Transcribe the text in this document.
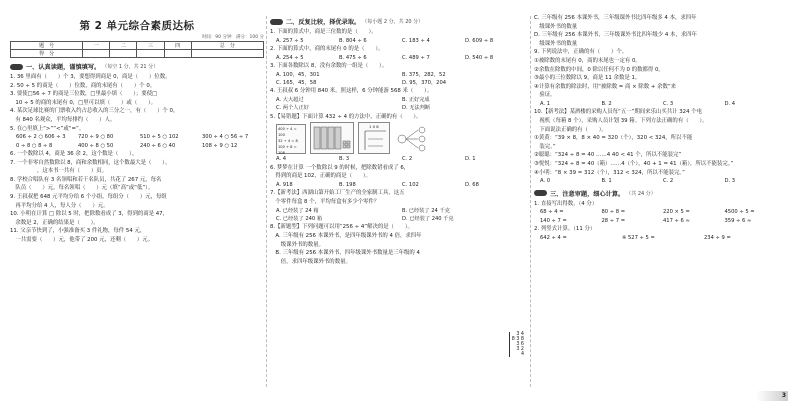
第 2 单元综合素质达标
时间：90 分钟　满分：100 分
题　号	一	二	三	四	总　分
得　分					
一、认真读题，谨慎填写。 （每空 1 分，共 21 分）

1. 36 里面有（　　）个 3，要想得到商是 0，商是（　　）位数。

2. 50 ÷ 5 的商是（　　）位数，商的末尾有（　　）个 0。

3. 要使□56 ÷ 7 的商是三位数，□里最小填（　　）；要使□

　10 ÷ 5 的商的末尾有 0，□里可以填（　　）或（　　）。

4. 某次足球比赛的门票收入约占总收入的三分之一，有（　　）个 0，

　有 840 名观众，平均每排约（　　）人。

5. 在○里填上“>”“<”或“=”。

606 ÷ 2 ○ 606 ÷ 3	720 ÷ 9 ○ 80	510 ÷ 5 ○ 102	300 ÷ 4 ○ 56 ÷ 7
0 ÷ 8 ○ 8 ÷ 8	400 ÷ 8 ○ 50	240 ÷ 6 ○ 40	108 ÷ 9 ○ 12

6. 一个数除以 4，商是 36 余 2，这个数是（　　）。

7. 一个非零自然数除以 8，商和余数相同，这个数最大是（　　）。

　　　　　，这本书一共有（　　）页。

8. 学校合唱队有 3 名领唱和若干名队员，共花了 267 元，每名

　队员（　　）元，每名领唱（　　）元（填“高”或“低”）。

9. 王叔叔把 648 元平均分给 6 个小组，每组分（　　）元，每组

　再平均分给 4 人，每人分（　　）元。

10. 小明在计算 □ 除以 5 时，把除数看成了 3，得到的商是 47，

　余数是 2，正确的结果是（　　）。

11. 父亲节快到了，小强准备买 3 件礼物，每件 54 元，

　一共需要（　　）元，他带了 200 元，还剩（　　）元。

二、反复比较，择优录取。 （每小题 2 分，共 20 分）

1. 下面的算式中，商是三位数的是（　　）。

A. 257 ÷ 5	B. 804 ÷ 6	C. 183 ÷ 4	D. 609 ÷ 8

2. 下面的算式中，商的末尾有 0 的是（　　）。

A. 254 ÷ 5	B. 475 ÷ 6	C. 489 ÷ 7	D. 540 ÷ 8

3. 下面各数除以 8，没有余数的一组是（　　）。

A. 100，45，301	B. 375，282，52
C. 165，45，58	D. 95，370，204

4. 王叔叔 6 分钟用 840 米，照这样，6 分钟能游 568 米（　　）。

A. 大大超过	B. 正好完成
C. 两个人正好	D. 无法判断

5.【易错题】下面计算 432 ÷ 4 的方法中，正确的有（　　）。

400 ÷ 4 = 100
32 ÷ 4 = 8
100 + 8 = 108
1 0 8
A. 4	B. 3	C. 2	D. 1

6. 梦梦在计算 一个数除以 9 的时候，把除数错看成了 6，

　得到的商是 102，正确的商是（　　）。

A. 918	B. 198	C. 102	D. 68

7.【新考法】西湖山第开始工厂生产的全家制工具，这五

　个零件每盒 8 个，平均每盒有多少个零件？

A. 已经装了 24 箱	B. 已经装了 24 千克
C. 已经装了 240 箱	D. 已经装了 240 千克

8.【新题型】下列问题可以用“256 ÷ 4”解决的是（　　）。

　A. 三年级有 256 本课外书，是四年级课外书的 4 倍，求四年

　　级课外书的数量。

　B. 三年级有 256 本课外书，四年级课外书数量是三年级的 4

　　倍，求四年级课外书的数量。

3 4
8 3 8
3 6
3 2
4

C. 三年级有 256 本课外书，三年级课外书比四年级多 4 本，求四年

　级课外书的数量

D. 三年级有 256 本课外书，三年级课外书比四年级少 4 本，求四年

　级课外书的数量

9. 下列说法中，正确的有（　　）个。

①被除数的末尾有 0，商的末尾也一定有 0。

②余数在除数的中间，0 除以任何不为 0 的数都得 0。

③最小的三位数除以 9，商是 11 余数是 1。

④计算有余数的除法时，用“被除数 = 商 × 除数 + 余数”来

　验证。

A. 1	B. 2	C. 3	D. 4

10.【新考法】某酒楼的采购人员每“五一”期间来乐山买共计 324 个电

　视机（每箱 8 个），采购人员计划 39 箱。下列方法正确的有（　　）。

　下面说法正确的有（　　）。

①黄黄：“39 × 8，8 × 40 = 320（个），320 < 324，所以不能

　装完。”

②聪聪：“324 ÷ 8 = 40 ……4 40 < 41 个，所以不能装完”

③悦悦：“324 ÷ 8 = 40（箱）……4（个），40 + 1 = 41（箱），所以不能装完。”

④小明：“8 × 39 = 312（个），312 < 324，所以不能装完。”

A. 0	B. 1	C. 2	D. 3
三、注意审题，细心计算。 （共 24 分）

1. 直接写出得数。（4 分）

68 ÷ 4 =	80 ÷ 8 =	220 × 5 =	4500 ÷ 5 =
140 ÷ 7 =	28 ÷ 7 =	417 ÷ 6 ≈	359 ÷ 6 ≈

2. 列竖式计算。（11 分）

642 ÷ 4 =	※ 527 ÷ 5 =	234 ÷ 9 =
3
